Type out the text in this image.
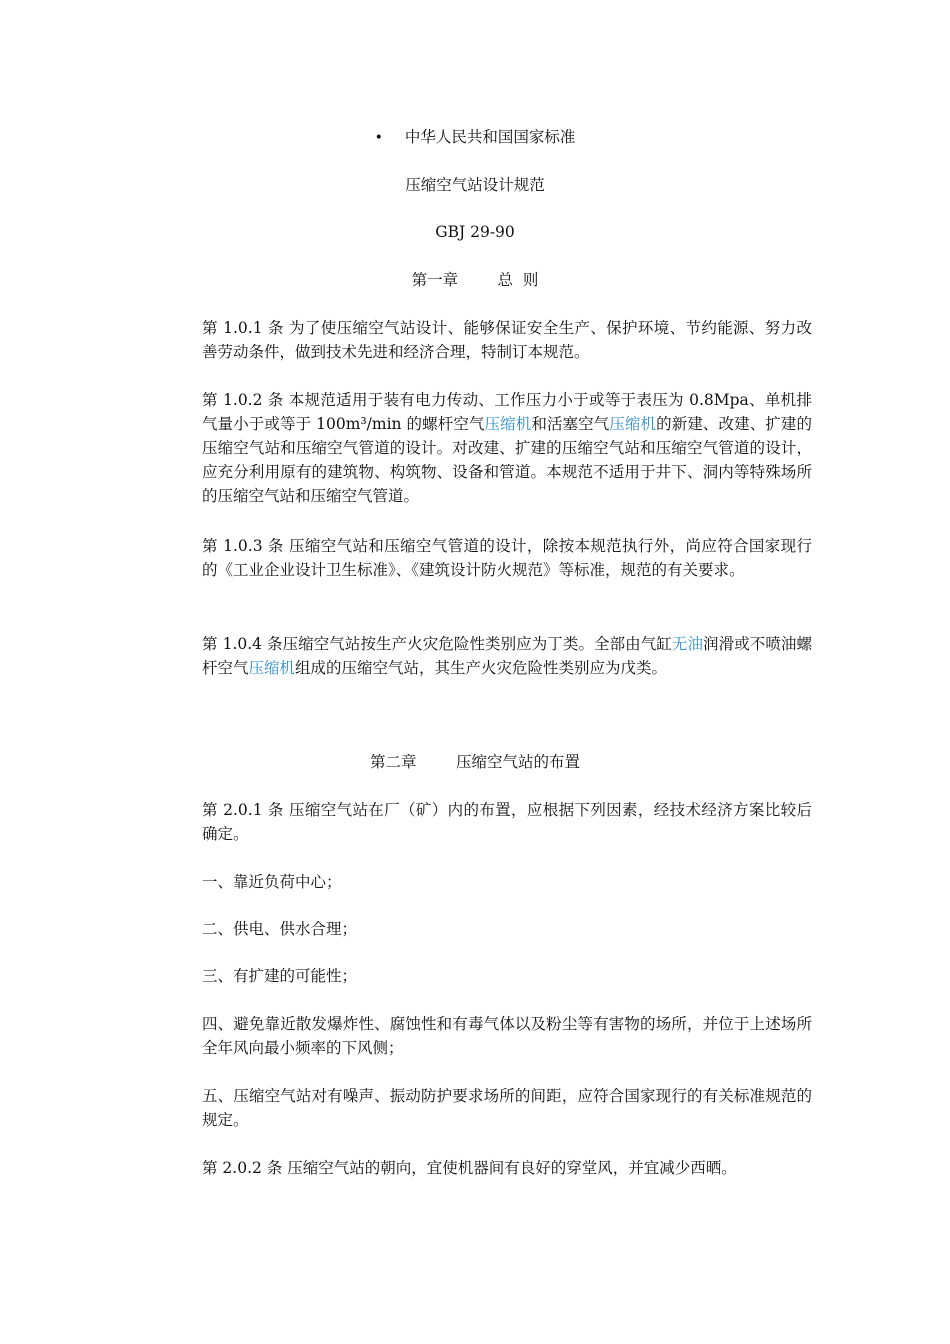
• 中华人民共和国国家标准
压缩空气站设计规范
GBJ 29-90
第一章        总  则
第 1.0.1 条 为了使压缩空气站设计、能够保证安全生产、保护环境、节约能源、努力改善劳动条件，做到技术先进和经济合理，特制订本规范。
第 1.0.2 条 本规范适用于装有电力传动、工作压力小于或等于表压为 0.8Mpa、单机排气量小于或等于 100m³/min 的螺杆空气压缩机和活塞空气压缩机的新建、改建、扩建的压缩空气站和压缩空气管道的设计。对改建、扩建的压缩空气站和压缩空气管道的设计，应充分利用原有的建筑物、构筑物、设备和管道。本规范不适用于井下、洞内等特殊场所的压缩空气站和压缩空气管道。
第 1.0.3 条 压缩空气站和压缩空气管道的设计，除按本规范执行外，尚应符合国家现行的《工业企业设计卫生标准》、《建筑设计防火规范》等标准，规范的有关要求。
第 1.0.4 条压缩空气站按生产火灾危险性类别应为丁类。全部由气缸无油润滑或不喷油螺杆空气压缩机组成的压缩空气站，其生产火灾危险性类别应为戊类。
第二章        压缩空气站的布置
第 2.0.1 条 压缩空气站在厂（矿）内的布置，应根据下列因素，经技术经济方案比较后确定。
一、靠近负荷中心；
二、供电、供水合理；
三、有扩建的可能性；
四、避免靠近散发爆炸性、腐蚀性和有毒气体以及粉尘等有害物的场所，并位于上述场所全年风向最小频率的下风侧；
五、压缩空气站对有噪声、振动防护要求场所的间距，应符合国家现行的有关标准规范的规定。
第 2.0.2 条 压缩空气站的朝向，宜使机器间有良好的穿堂风，并宜减少西晒。
